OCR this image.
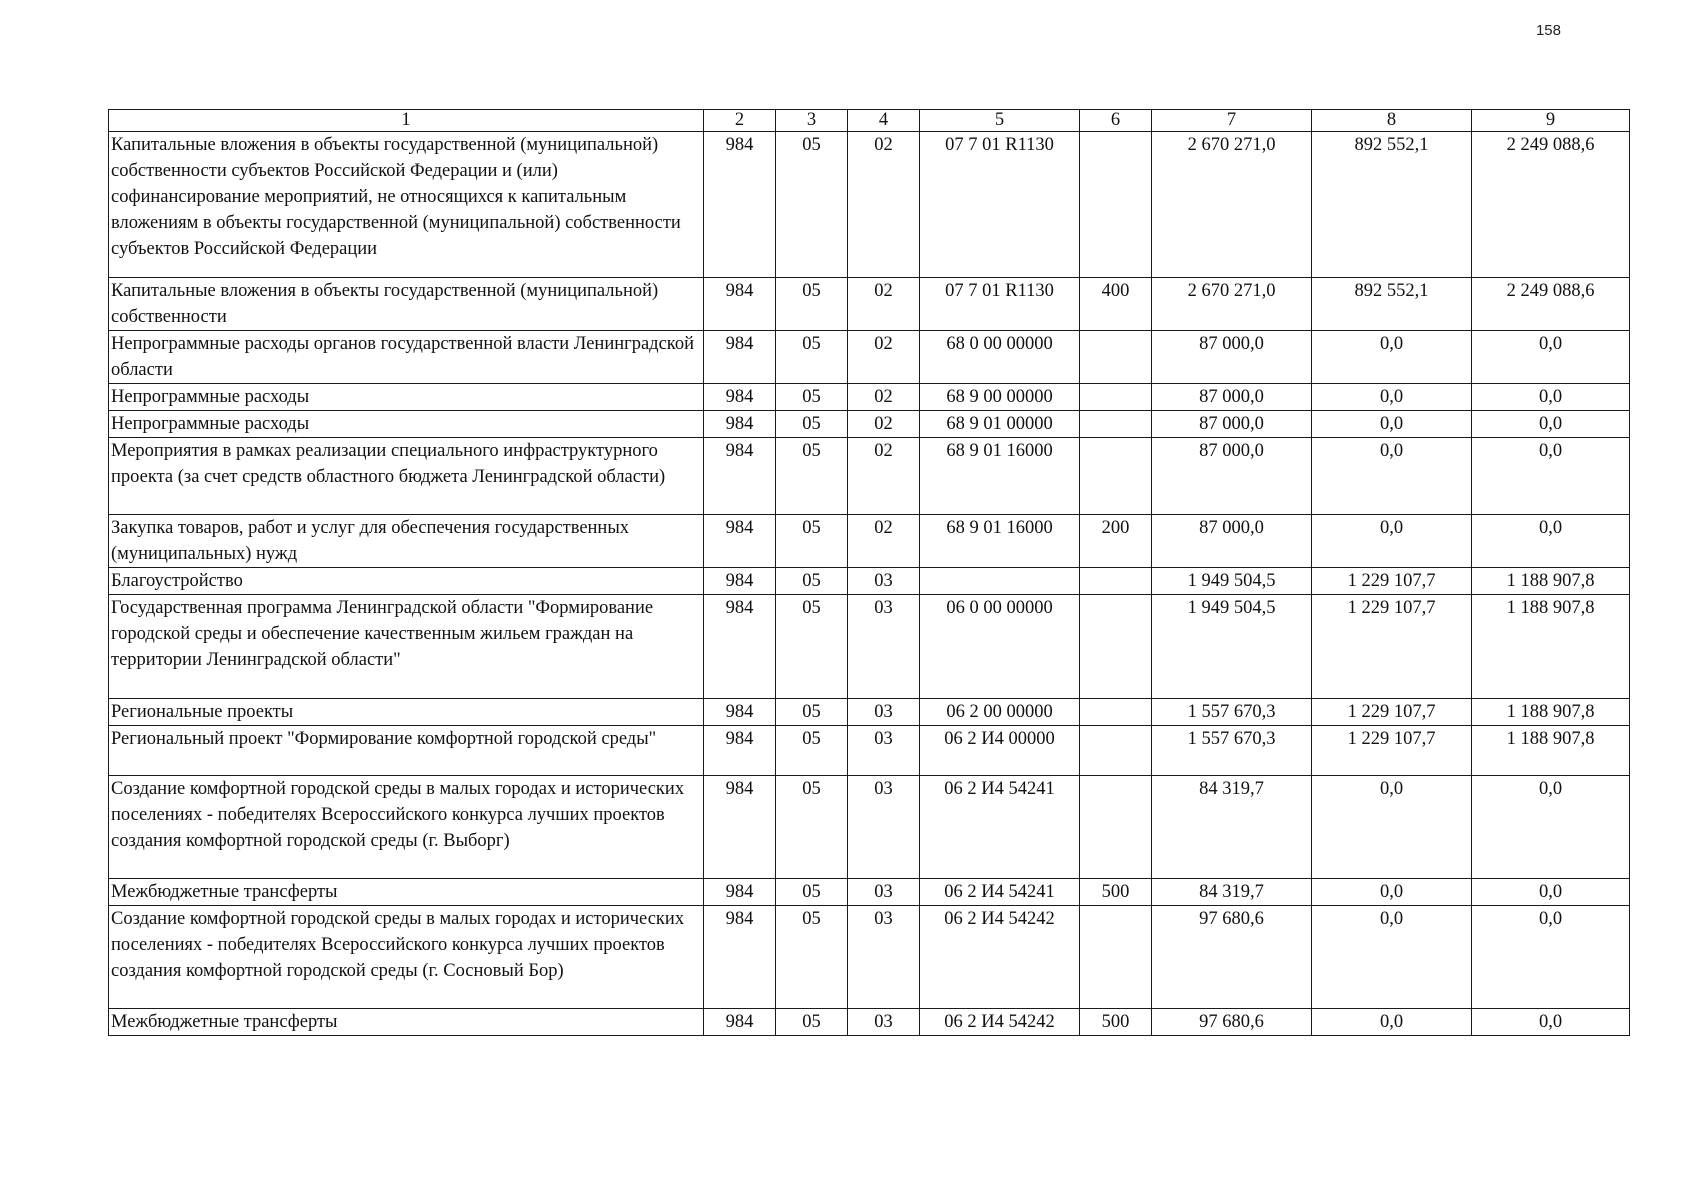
158
1	2	3	4	5	6	7	8	9
Капитальные вложения в объекты государственной (муниципальной) собственности субъектов Российской Федерации и (или) софинансирование мероприятий, не относящихся к капитальным вложениям в объекты государственной (муниципальной) собственности субъектов Российской Федерации	984	05	02	07 7 01 R1130		2 670 271,0	892 552,1	2 249 088,6
Капитальные вложения в объекты государственной (муниципальной) собственности	984	05	02	07 7 01 R1130	400	2 670 271,0	892 552,1	2 249 088,6
Непрограммные расходы органов государственной власти Ленинградской области	984	05	02	68 0 00 00000		87 000,0	0,0	0,0
Непрограммные расходы	984	05	02	68 9 00 00000		87 000,0	0,0	0,0
Непрограммные расходы	984	05	02	68 9 01 00000		87 000,0	0,0	0,0
Мероприятия в рамках реализации специального инфраструктурного проекта (за счет средств областного бюджета Ленинградской области)	984	05	02	68 9 01 16000		87 000,0	0,0	0,0
Закупка товаров, работ и услуг для обеспечения государственных (муниципальных) нужд	984	05	02	68 9 01 16000	200	87 000,0	0,0	0,0
Благоустройство	984	05	03			1 949 504,5	1 229 107,7	1 188 907,8
Государственная программа Ленинградской области "Формирование городской среды и обеспечение качественным жильем граждан на территории Ленинградской области"	984	05	03	06 0 00 00000		1 949 504,5	1 229 107,7	1 188 907,8
Региональные проекты	984	05	03	06 2 00 00000		1 557 670,3	1 229 107,7	1 188 907,8
Региональный проект "Формирование комфортной городской среды"	984	05	03	06 2 И4 00000		1 557 670,3	1 229 107,7	1 188 907,8
Создание комфортной городской среды в малых городах и исторических поселениях - победителях Всероссийского конкурса лучших проектов создания комфортной городской среды (г. Выборг)	984	05	03	06 2 И4 54241		84 319,7	0,0	0,0
Межбюджетные трансферты	984	05	03	06 2 И4 54241	500	84 319,7	0,0	0,0
Создание комфортной городской среды в малых городах и исторических поселениях - победителях Всероссийского конкурса лучших проектов создания комфортной городской среды (г. Сосновый Бор)	984	05	03	06 2 И4 54242		97 680,6	0,0	0,0
Межбюджетные трансферты	984	05	03	06 2 И4 54242	500	97 680,6	0,0	0,0
